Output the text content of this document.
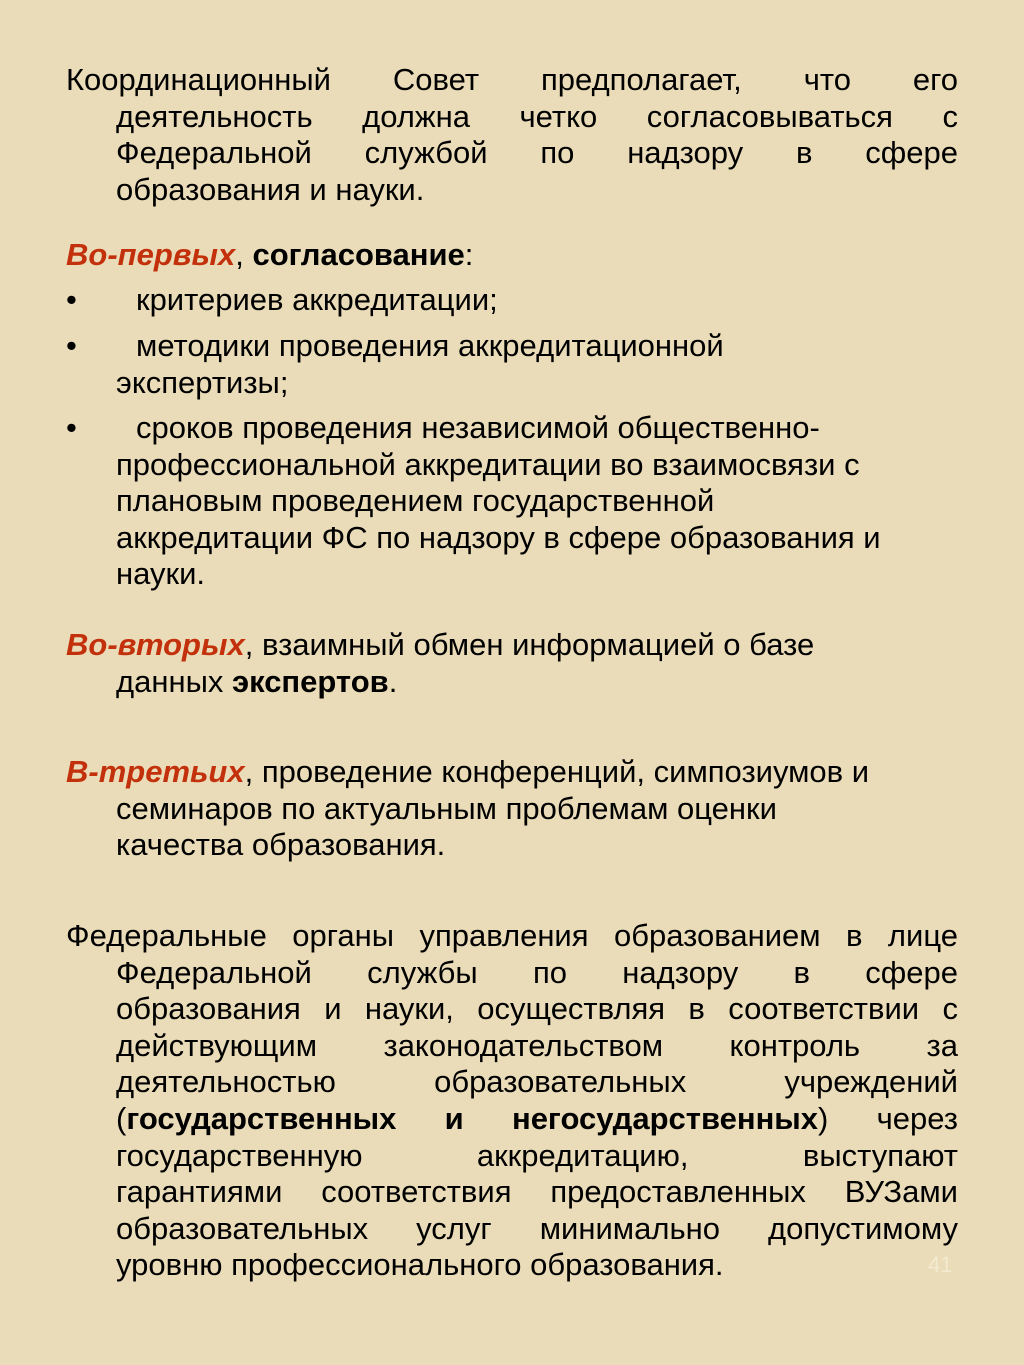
Координационный Совет предполагает, что его
деятельность должна четко согласовываться с
Федеральной службой по надзору в сфере
образования и науки.
Во-первых, согласование:
•	критериев аккредитации;
•	методики проведения аккредитационной
экспертизы;
•	сроков проведения независимой общественно-
профессиональной аккредитации во взаимосвязи с
плановым проведением государственной
аккредитации ФС по надзору в сфере образования и
науки.
Во-вторых, взаимный обмен информацией о базе
данных экспертов.
В-третьих, проведение конференций, симпозиумов и
семинаров по актуальным проблемам оценки
качества образования.
Федеральные органы управления образованием в лице
Федеральной службы по надзору в сфере
образования и науки, осуществляя в соответствии с
действующим законодательством контроль за
деятельностью образовательных учреждений
(государственных и негосударственных) через
государственную аккредитацию, выступают
гарантиями соответствия предоставленных ВУЗами
образовательных услуг минимально допустимому
уровню профессионального образования.	41
